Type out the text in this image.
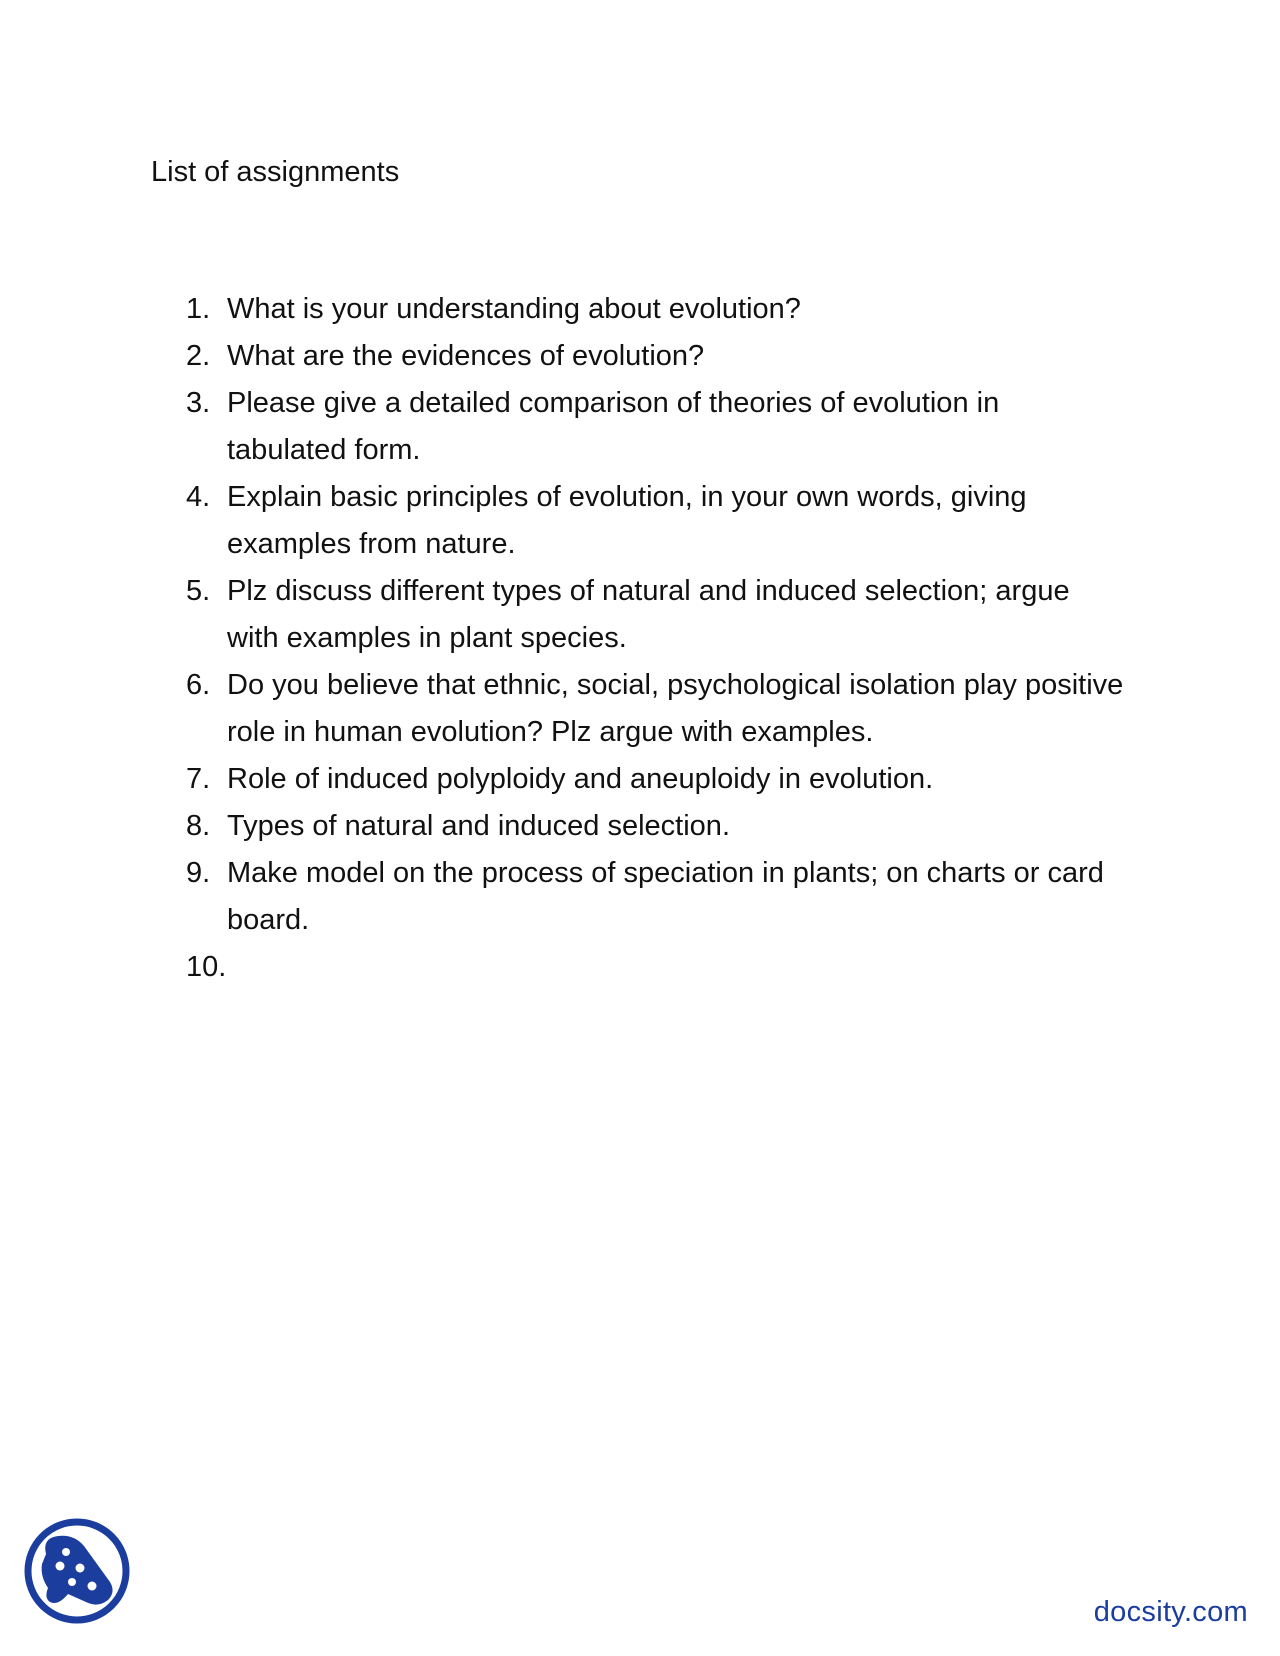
List of assignments
1. What is your understanding about evolution?
2. What are the evidences of evolution?
3. Please give a detailed comparison of theories of evolution in tabulated form.
4. Explain basic principles of evolution, in your own words, giving examples from nature.
5. Plz discuss different types of natural and induced selection; argue with examples in plant species.
6. Do you believe that ethnic, social, psychological isolation play positive role in human evolution? Plz argue with examples.
7. Role of induced polyploidy and aneuploidy in evolution.
8. Types of natural and induced selection.
9. Make model on the process of speciation in plants; on charts or card board.
10.
docsity.com
